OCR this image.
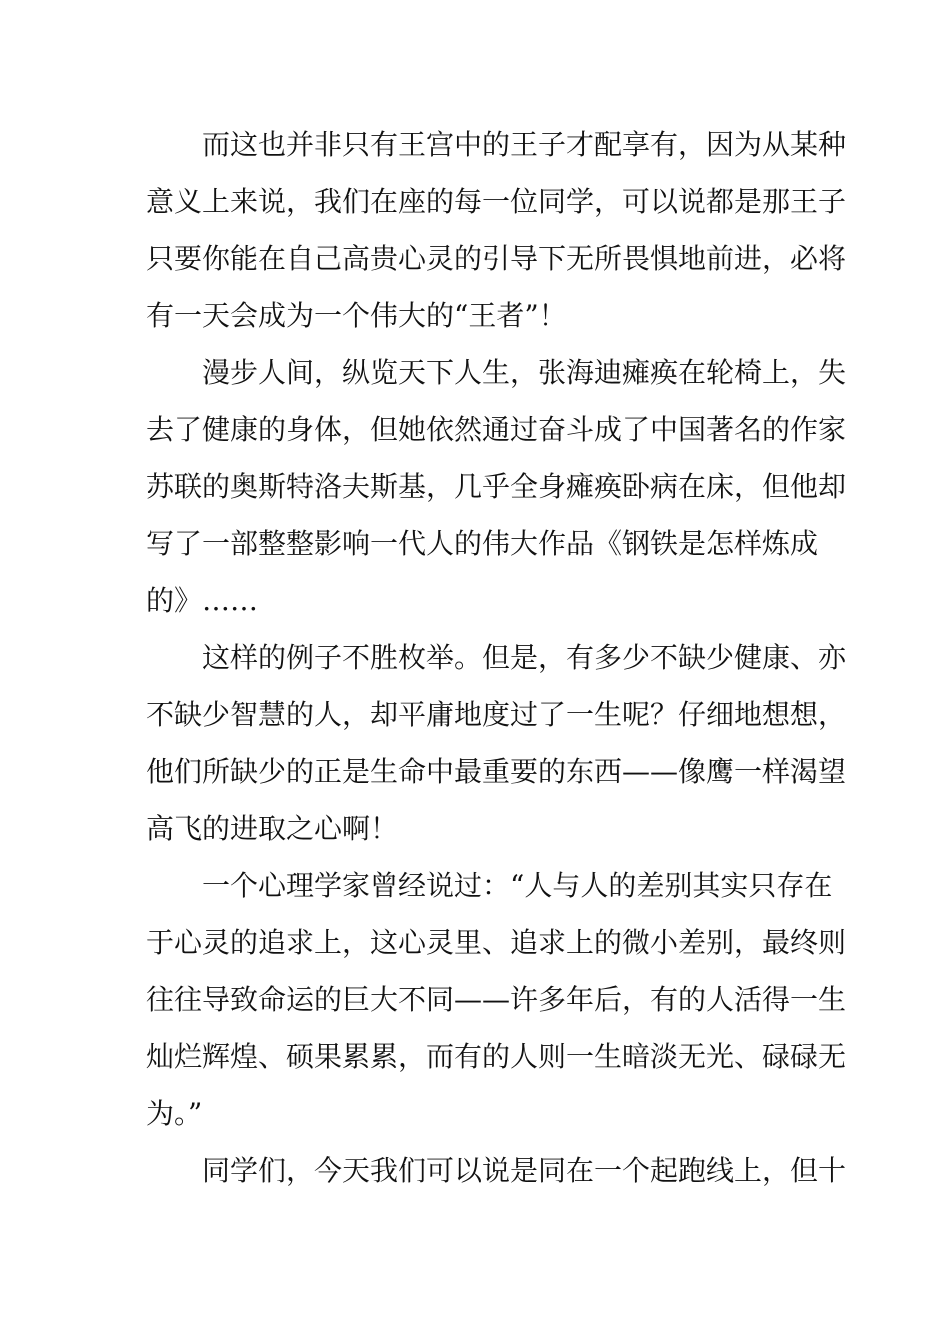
而这也并非只有王宫中的王子才配享有，因为从某种
意义上来说，我们在座的每一位同学，可以说都是那王子
只要你能在自己高贵心灵的引导下无所畏惧地前进，必将
有一天会成为一个伟大的“王者”！
漫步人间，纵览天下人生，张海迪瘫痪在轮椅上，失
去了健康的身体，但她依然通过奋斗成了中国著名的作家
苏联的奥斯特洛夫斯基，几乎全身瘫痪卧病在床，但他却
写了一部整整影响一代人的伟大作品《钢铁是怎样炼成
的》……
这样的例子不胜枚举。但是，有多少不缺少健康、亦
不缺少智慧的人，却平庸地度过了一生呢？仔细地想想，
他们所缺少的正是生命中最重要的东西——像鹰一样渴望
高飞的进取之心啊！
一个心理学家曾经说过：“人与人的差别其实只存在
于心灵的追求上，这心灵里、追求上的微小差别，最终则
往往导致命运的巨大不同——许多年后，有的人活得一生
灿烂辉煌、硕果累累，而有的人则一生暗淡无光、碌碌无
为。”
同学们，今天我们可以说是同在一个起跑线上，但十
